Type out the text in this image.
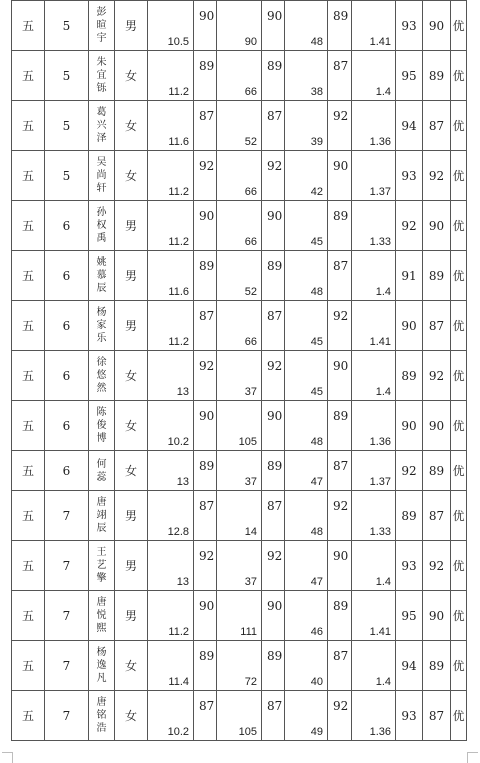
五	5	彭暄宇	男	10.5	90	90	90	48	89	1.41	93	90	优
五	5	朱宜铄	女	11.2	89	66	89	38	87	1.4	95	89	优
五	5	葛兴泽	女	11.6	87	52	87	39	92	1.36	94	87	优
五	5	吴尚轩	女	11.2	92	66	92	42	90	1.37	93	92	优
五	6	孙权禹	男	11.2	90	66	90	45	89	1.33	92	90	优
五	6	姚慕辰	男	11.6	89	52	89	48	87	1.4	91	89	优
五	6	杨家乐	男	11.2	87	66	87	45	92	1.41	90	87	优
五	6	徐悠然	女	13	92	37	92	45	90	1.4	89	92	优
五	6	陈俊博	女	10.2	90	105	90	48	89	1.36	90	90	优
五	6	何蕊	女	13	89	37	89	47	87	1.37	92	89	优
五	7	唐翊辰	男	12.8	87	14	87	48	92	1.33	89	87	优
五	7	王艺擎	男	13	92	37	92	47	90	1.4	93	92	优
五	7	唐悦熙	男	11.2	90	111	90	46	89	1.41	95	90	优
五	7	杨逸凡	女	11.4	89	72	89	40	87	1.4	94	89	优
五	7	唐铭浩	女	10.2	87	105	87	49	92	1.36	93	87	优
